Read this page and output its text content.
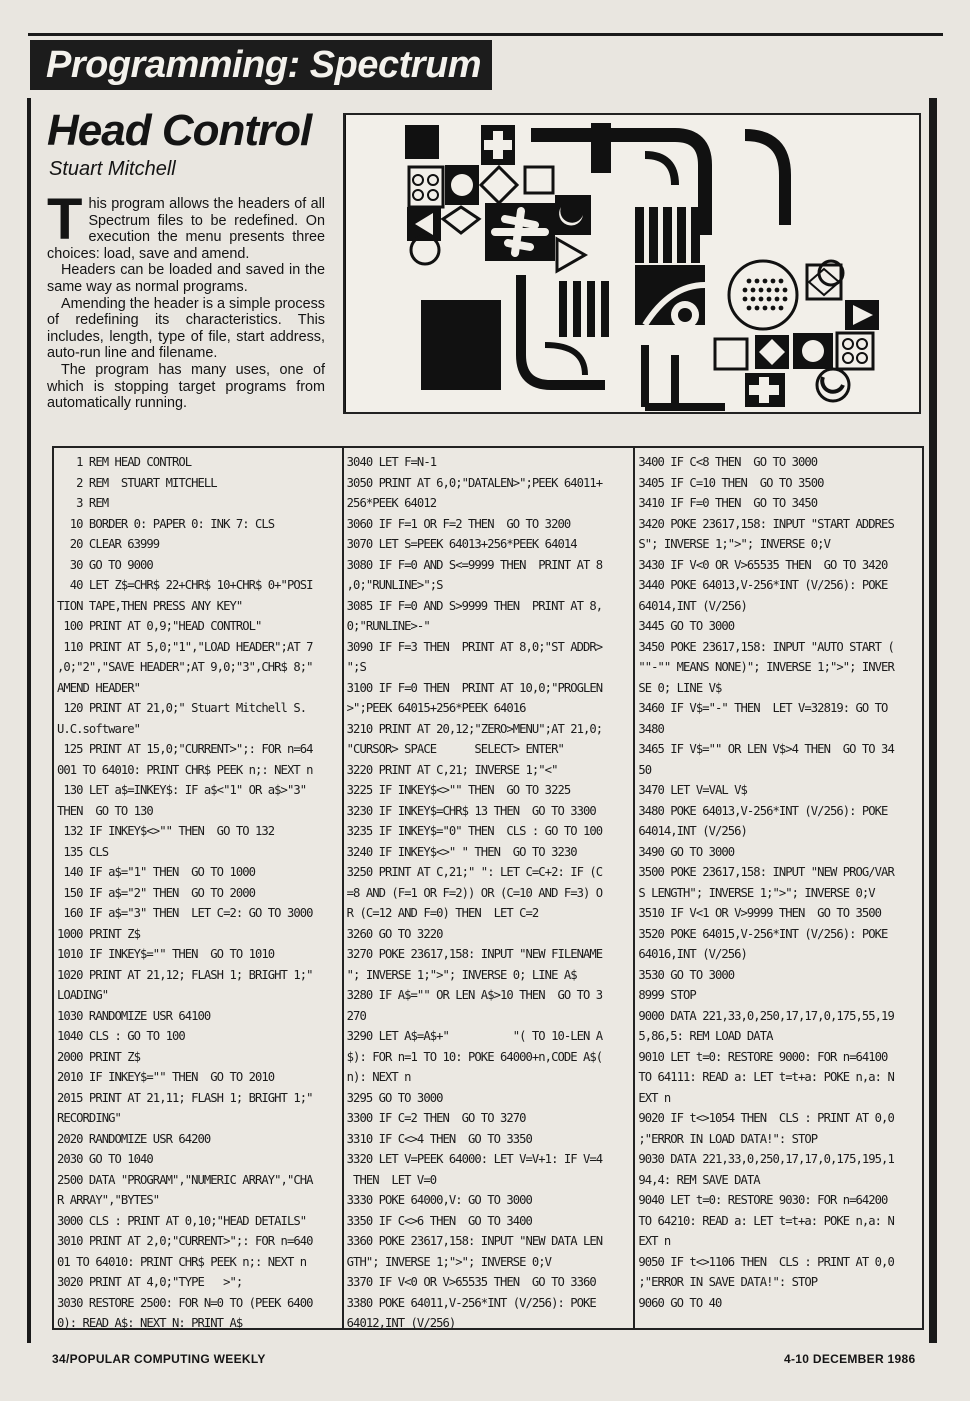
Programming: Spectrum
Head Control
Stuart Mitchell

This program allows the headers of all Spectrum files to be redefined. On execution the menu presents three choices: load, save and amend.

Headers can be loaded and saved in the same way as normal programs.

Amending the header is a simple process of redefining its characteristics. This includes, length, type of file, start address, auto-run line and filename.

The program has many uses, one of which is stopping target programs from automatically running.

1 REM HEAD CONTROL
2 REM  STUART MITCHELL
3 REM
10 BORDER 0: PAPER 0: INK 7: CLS
20 CLEAR 63999
30 GO TO 9000
40 LET Z$=CHR$ 22+CHR$ 10+CHR$ 0+"POSI
TION TAPE,THEN PRESS ANY KEY"
100 PRINT AT 0,9;"HEAD CONTROL"
110 PRINT AT 5,0;"1","LOAD HEADER";AT 7
,0;"2","SAVE HEADER";AT 9,0;"3",CHR$ 8;"
AMEND HEADER"
120 PRINT AT 21,0;" Stuart Mitchell S.
U.C.software"
125 PRINT AT 15,0;"CURRENT>";: FOR n=64
001 TO 64010: PRINT CHR$ PEEK n;: NEXT n
130 LET a$=INKEY$: IF a$<"1" OR a$>"3"
THEN  GO TO 130
132 IF INKEY$<>"" THEN  GO TO 132
135 CLS
140 IF a$="1" THEN  GO TO 1000
150 IF a$="2" THEN  GO TO 2000
160 IF a$="3" THEN  LET C=2: GO TO 3000
1000 PRINT Z$
1010 IF INKEY$="" THEN  GO TO 1010
1020 PRINT AT 21,12; FLASH 1; BRIGHT 1;"
LOADING"
1030 RANDOMIZE USR 64100
1040 CLS : GO TO 100
2000 PRINT Z$
2010 IF INKEY$="" THEN  GO TO 2010
2015 PRINT AT 21,11; FLASH 1; BRIGHT 1;"
RECORDING"
2020 RANDOMIZE USR 64200
2030 GO TO 1040
2500 DATA "PROGRAM","NUMERIC ARRAY","CHA
R ARRAY","BYTES"
3000 CLS : PRINT AT 0,10;"HEAD DETAILS"
3010 PRINT AT 2,0;"CURRENT>";: FOR n=640
01 TO 64010: PRINT CHR$ PEEK n;: NEXT n
3020 PRINT AT 4,0;"TYPE   >";
3030 RESTORE 2500: FOR N=0 TO (PEEK 6400
0): READ A$: NEXT N: PRINT A$
3040 LET F=N-1
3050 PRINT AT 6,0;"DATALEN>";PEEK 64011+
256*PEEK 64012
3060 IF F=1 OR F=2 THEN  GO TO 3200
3070 LET S=PEEK 64013+256*PEEK 64014
3080 IF F=0 AND S<=9999 THEN  PRINT AT 8
,0;"RUNLINE>";S
3085 IF F=0 AND S>9999 THEN  PRINT AT 8,
0;"RUNLINE>-"
3090 IF F=3 THEN  PRINT AT 8,0;"ST ADDR>
";S
3100 IF F=0 THEN  PRINT AT 10,0;"PROGLEN
>";PEEK 64015+256*PEEK 64016
3210 PRINT AT 20,12;"ZERO>MENU";AT 21,0;
"CURSOR> SPACE      SELECT> ENTER"
3220 PRINT AT C,21; INVERSE 1;"<"
3225 IF INKEY$<>"" THEN  GO TO 3225
3230 IF INKEY$=CHR$ 13 THEN  GO TO 3300
3235 IF INKEY$="0" THEN  CLS : GO TO 100
3240 IF INKEY$<>" " THEN  GO TO 3230
3250 PRINT AT C,21;" ": LET C=C+2: IF (C
=8 AND (F=1 OR F=2)) OR (C=10 AND F=3) O
R (C=12 AND F=0) THEN  LET C=2
3260 GO TO 3220
3270 POKE 23617,158: INPUT "NEW FILENAME
"; INVERSE 1;">"; INVERSE 0; LINE A$
3280 IF A$="" OR LEN A$>10 THEN  GO TO 3
270
3290 LET A$=A$+"          "( TO 10-LEN A
$): FOR n=1 TO 10: POKE 64000+n,CODE A$(
n): NEXT n
3295 GO TO 3000
3300 IF C=2 THEN  GO TO 3270
3310 IF C<>4 THEN  GO TO 3350
3320 LET V=PEEK 64000: LET V=V+1: IF V=4
THEN  LET V=0
3330 POKE 64000,V: GO TO 3000
3350 IF C<>6 THEN  GO TO 3400
3360 POKE 23617,158: INPUT "NEW DATA LEN
GTH"; INVERSE 1;">"; INVERSE 0;V
3370 IF V<0 OR V>65535 THEN  GO TO 3360
3380 POKE 64011,V-256*INT (V/256): POKE
64012,INT (V/256)
3400 IF C<8 THEN  GO TO 3000
3405 IF C=10 THEN  GO TO 3500
3410 IF F=0 THEN  GO TO 3450
3420 POKE 23617,158: INPUT "START ADDRES
S"; INVERSE 1;">"; INVERSE 0;V
3430 IF V<0 OR V>65535 THEN  GO TO 3420
3440 POKE 64013,V-256*INT (V/256): POKE
64014,INT (V/256)
3445 GO TO 3000
3450 POKE 23617,158: INPUT "AUTO START (
""-"" MEANS NONE)"; INVERSE 1;">"; INVER
SE 0; LINE V$
3460 IF V$="-" THEN  LET V=32819: GO TO
3480
3465 IF V$="" OR LEN V$>4 THEN  GO TO 34
50
3470 LET V=VAL V$
3480 POKE 64013,V-256*INT (V/256): POKE
64014,INT (V/256)
3490 GO TO 3000
3500 POKE 23617,158: INPUT "NEW PROG/VAR
S LENGTH"; INVERSE 1;">"; INVERSE 0;V
3510 IF V<1 OR V>9999 THEN  GO TO 3500
3520 POKE 64015,V-256*INT (V/256): POKE
64016,INT (V/256)
3530 GO TO 3000
8999 STOP
9000 DATA 221,33,0,250,17,17,0,175,55,19
5,86,5: REM LOAD DATA
9010 LET t=0: RESTORE 9000: FOR n=64100
TO 64111: READ a: LET t=t+a: POKE n,a: N
EXT n
9020 IF t<>1054 THEN  CLS : PRINT AT 0,0
;"ERROR IN LOAD DATA!": STOP
9030 DATA 221,33,0,250,17,17,0,175,195,1
94,4: REM SAVE DATA
9040 LET t=0: RESTORE 9030: FOR n=64200
TO 64210: READ a: LET t=t+a: POKE n,a: N
EXT n
9050 IF t<>1106 THEN  CLS : PRINT AT 0,0
;"ERROR IN SAVE DATA!": STOP
9060 GO TO 40
34/POPULAR COMPUTING WEEKLY	4-10 DECEMBER 1986
